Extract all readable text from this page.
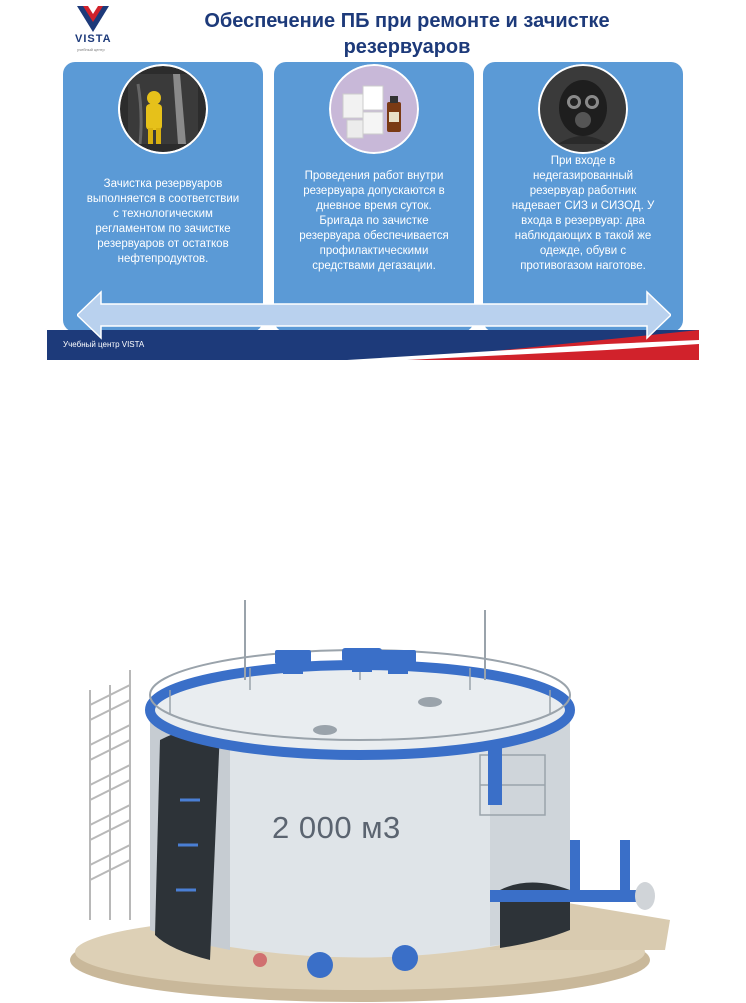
VISTA
учебный центр
Обеспечение ПБ при ремонте и зачистке
резервуаров
Зачистка резервуаров
выполняется в соответствии
с технологическим
регламентом по зачистке
резервуаров от остатков
нефтепродуктов.
Проведения работ внутри
резервуара допускаются в
дневное время суток.
Бригада по зачистке
резервуара обеспечивается
профилактическими
средствами дегазации.
При входе в
недегазированный
резервуар работник
надевает СИЗ и СИЗОД. У
входа в резервуар: два
наблюдающих в такой же
одежде, обуви с
противогазом наготове.
Учебный центр VISTA
2 000 м3
